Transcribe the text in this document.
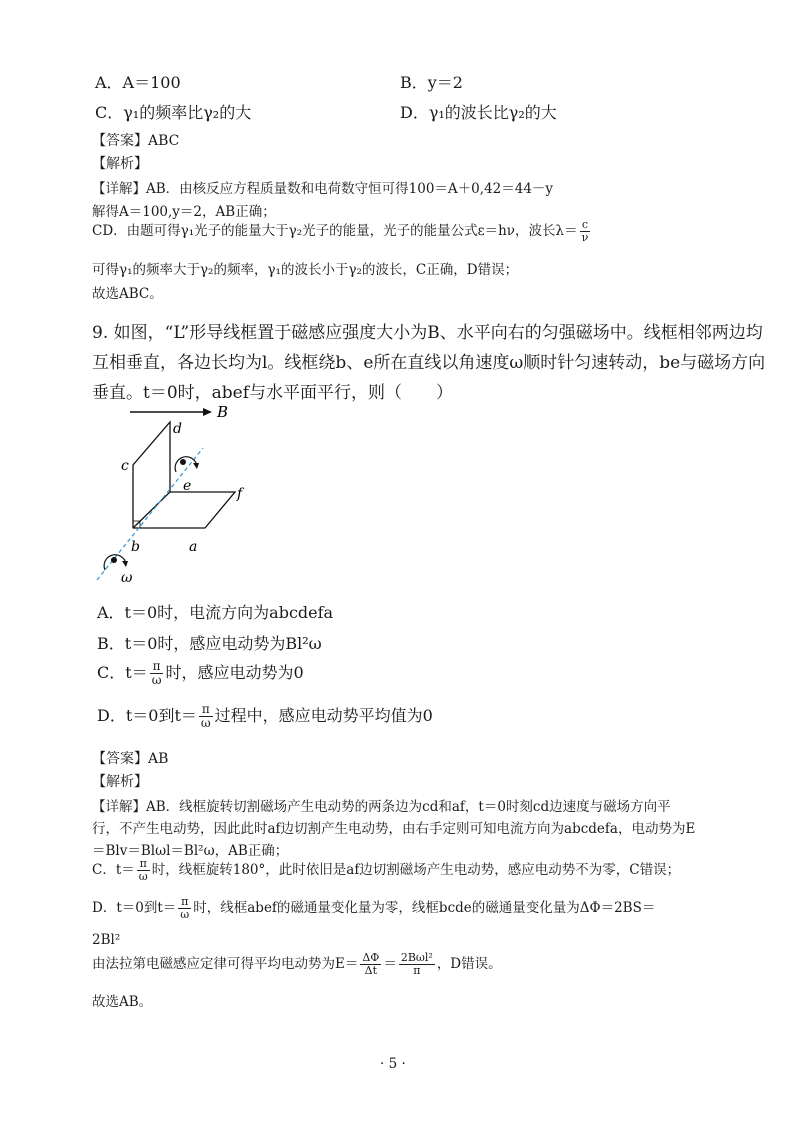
A．A＝100	B．y＝2
C．γ₁的频率比γ₂的大	D．γ₁的波长比γ₂的大
【答案】ABC
【解析】
【详解】AB．由核反应方程质量数和电荷数守恒可得100＝A＋0,42＝44－y
解得A＝100,y＝2，AB正确；
CD．由题可得γ₁光子的能量大于γ₂光子的能量，光子的能量公式ε＝hν，波长$\lambda= \frac{c}{\nu}$
可得γ₁的频率大于γ₂的频率，γ₁的波长小于γ₂的波长，C正确，D错误；
故选ABC。
9. 如图，“L”形导线框置于磁感应强度大小为B、水平向右的匀强磁场中。线框相邻两边均
互相垂直，各边长均为l。线框绕b、e所在直线以角速度ω顺时针匀速转动，be与磁场方向
垂直。t＝0时，abef与水平面平行，则（　　）
B
d
c
e	f
b	a
ω
A．t＝0时，电流方向为abcdefa
B．t＝0时，感应电动势为Bl²ω
C．$t= \frac{\pi}{\omega}$ 时，感应电动势为0
D．t＝0到$t= \frac{\pi}{\omega}$ 过程中，感应电动势平均值为0
【答案】AB
【解析】
【详解】AB．线框旋转切割磁场产生电动势的两条边为cd和af，t＝0时刻cd边速度与磁场方向平
行，不产生电动势，因此此时af边切割产生电动势，由右手定则可知电流方向为abcdefa，电动势为E
＝Blv＝Blωl＝Bl²ω，AB正确；
C．$t= \frac{\pi}{\omega}$ 时，线框旋转180°，此时依旧是af边切割磁场产生电动势，感应电动势不为零，C错误；
D．t＝0到$t= \frac{\pi}{\omega}$ 时，线框abef的磁通量变化量为零，线框bcde的磁通量变化量为ΔΦ＝2BS＝
2Bl²
由法拉第电磁感应定律可得平均电动势为$E= \frac{\Delta\Phi}{\Delta t} = \frac{\text{2Bωl²}}{\pi}$ ，D错误。
故选AB。
· 5 ·
